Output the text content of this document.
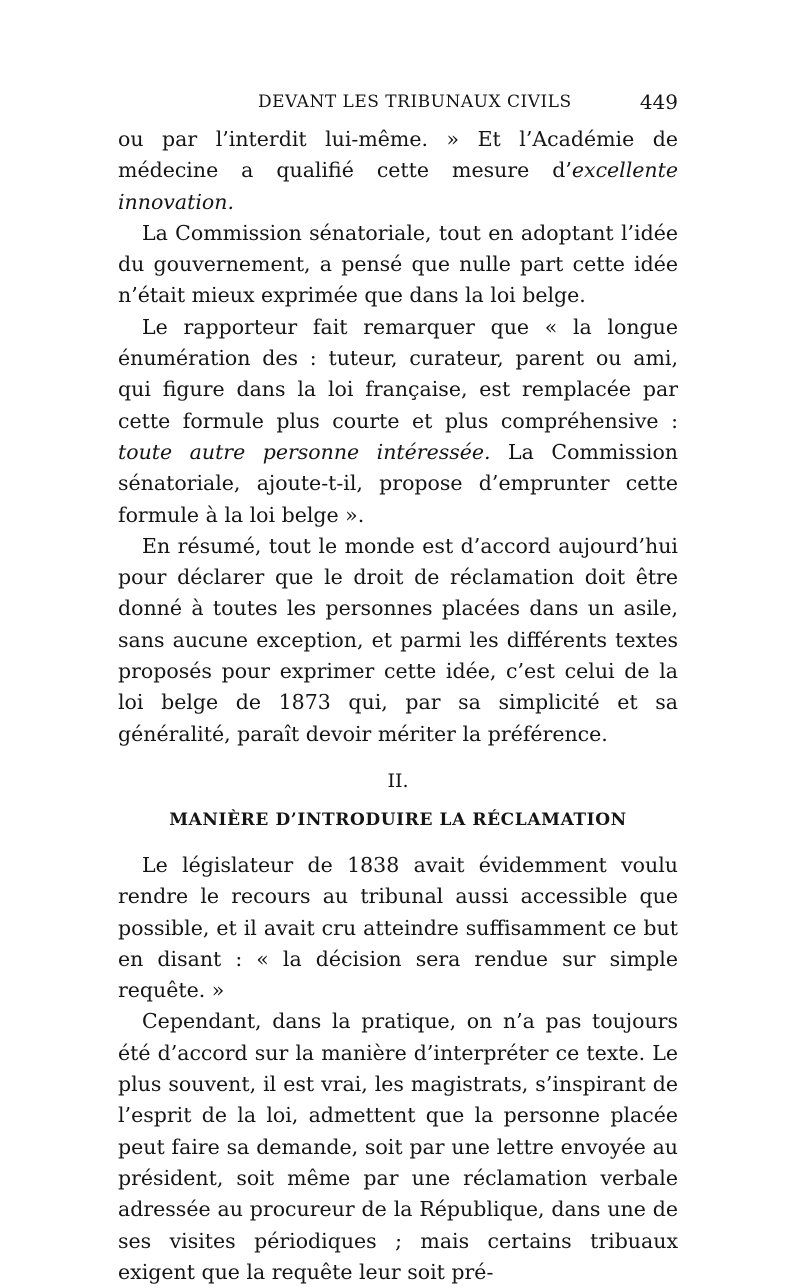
DEVANT LES TRIBUNAUX CIVILS	449

ou par l’interdit lui-même. » Et l’Académie de médecine a qualifié cette mesure d’excellente innovation.

La Commission sénatoriale, tout en adoptant l’idée du gouvernement, a pensé que nulle part cette idée n’était mieux exprimée que dans la loi belge.

Le rapporteur fait remarquer que « la longue énumération des : tuteur, curateur, parent ou ami, qui figure dans la loi française, est remplacée par cette formule plus courte et plus compréhensive : toute autre personne intéressée. La Commission sénatoriale, ajoute-t-il, propose d’emprunter cette formule à la loi belge ».

En résumé, tout le monde est d’accord aujourd’hui pour déclarer que le droit de réclamation doit être donné à toutes les personnes placées dans un asile, sans aucune exception, et parmi les différents textes proposés pour exprimer cette idée, c’est celui de la loi belge de 1873 qui, par sa simplicité et sa généralité, paraît devoir mériter la préférence.

II.
MANIÈRE D’INTRODUIRE LA RÉCLAMATION

Le législateur de 1838 avait évidemment voulu rendre le recours au tribunal aussi accessible que possible, et il avait cru atteindre suffisamment ce but en disant : « la décision sera rendue sur simple requête. »

Cependant, dans la pratique, on n’a pas toujours été d’accord sur la manière d’interpréter ce texte. Le plus souvent, il est vrai, les magistrats, s’inspirant de l’esprit de la loi, admettent que la personne placée peut faire sa demande, soit par une lettre envoyée au président, soit même par une réclamation verbale adressée au procureur de la République, dans une de ses visites périodiques ; mais certains tribuaux exigent que la requête leur soit pré-
